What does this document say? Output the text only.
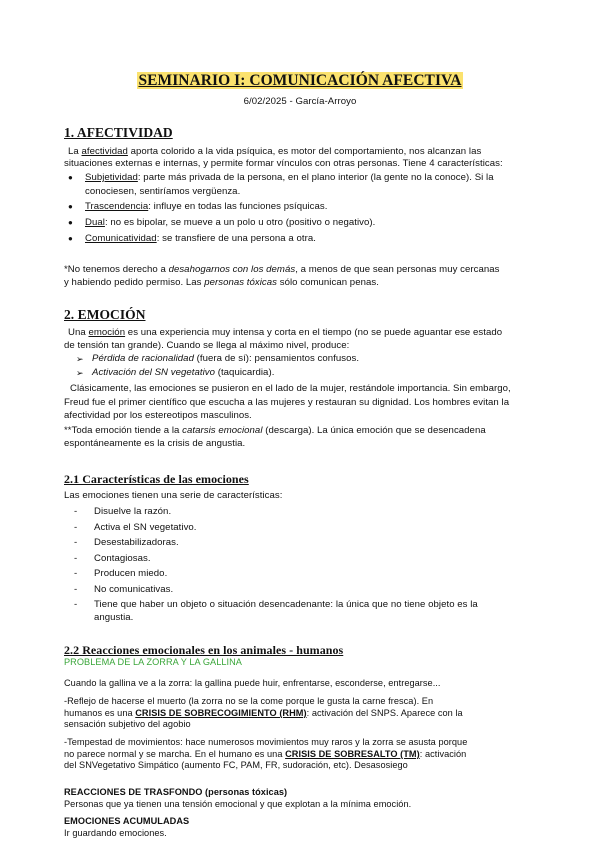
SEMINARIO I: COMUNICACIÓN AFECTIVA
6/02/2025 - García-Arroyo
1. AFECTIVIDAD
La afectividad aporta colorido a la vida psíquica, es motor del comportamiento, nos alcanzan las
situaciones externas e internas, y permite formar vínculos con otras personas. Tiene 4 características:
● Subjetividad: parte más privada de la persona, en el plano interior (la gente no la conoce). Si la
conociesen, sentiríamos vergüenza.
● Trascendencia: influye en todas las funciones psíquicas.
● Dual: no es bipolar, se mueve a un polo u otro (positivo o negativo).
● Comunicatividad: se transfiere de una persona a otra.
*No tenemos derecho a desahogarnos con los demás, a menos de que sean personas muy cercanas
y habiendo pedido permiso. Las personas tóxicas sólo comunican penas.
2. EMOCIÓN
Una emoción es una experiencia muy intensa y corta en el tiempo (no se puede aguantar ese estado
de tensión tan grande). Cuando se llega al máximo nivel, produce:
➢ Pérdida de racionalidad (fuera de sí): pensamientos confusos.
➢ Activación del SN vegetativo (taquicardia).
Clásicamente, las emociones se pusieron en el lado de la mujer, restándole importancia. Sin embargo,
Freud fue el primer científico que escucha a las mujeres y restauran su dignidad. Los hombres evitan la
afectividad por los estereotipos masculinos.
**Toda emoción tiende a la catarsis emocional (descarga). La única emoción que se desencadena
espontáneamente es la crisis de angustia.
2.1 Características de las emociones
Las emociones tienen una serie de características:
- Disuelve la razón.
- Activa el SN vegetativo.
- Desestabilizadoras.
- Contagiosas.
- Producen miedo.
- No comunicativas.
- Tiene que haber un objeto o situación desencadenante: la única que no tiene objeto es la
angustia.
2.2 Reacciones emocionales en los animales - humanos
PROBLEMA DE LA ZORRA Y LA GALLINA
Cuando la gallina ve a la zorra: la gallina puede huir, enfrentarse, esconderse, entregarse...
-Reflejo de hacerse el muerto (la zorra no se la come porque le gusta la carne fresca). En
humanos es una CRISIS DE SOBRECOGIMIENTO (RHM): activación del SNPS. Aparece con la
sensación subjetivo del agobio
-Tempestad de movimientos: hace numerosos movimientos muy raros y la zorra se asusta porque
no parece normal y se marcha. En el humano es una CRISIS DE SOBRESALTO (TM): activación
del SNVegetativo Simpático (aumento FC, PAM, FR, sudoración, etc). Desasosiego
REACCIONES DE TRASFONDO (personas tóxicas)
Personas que ya tienen una tensión emocional y que explotan a la mínima emoción.
EMOCIONES ACUMULADAS
Ir guardando emociones.
